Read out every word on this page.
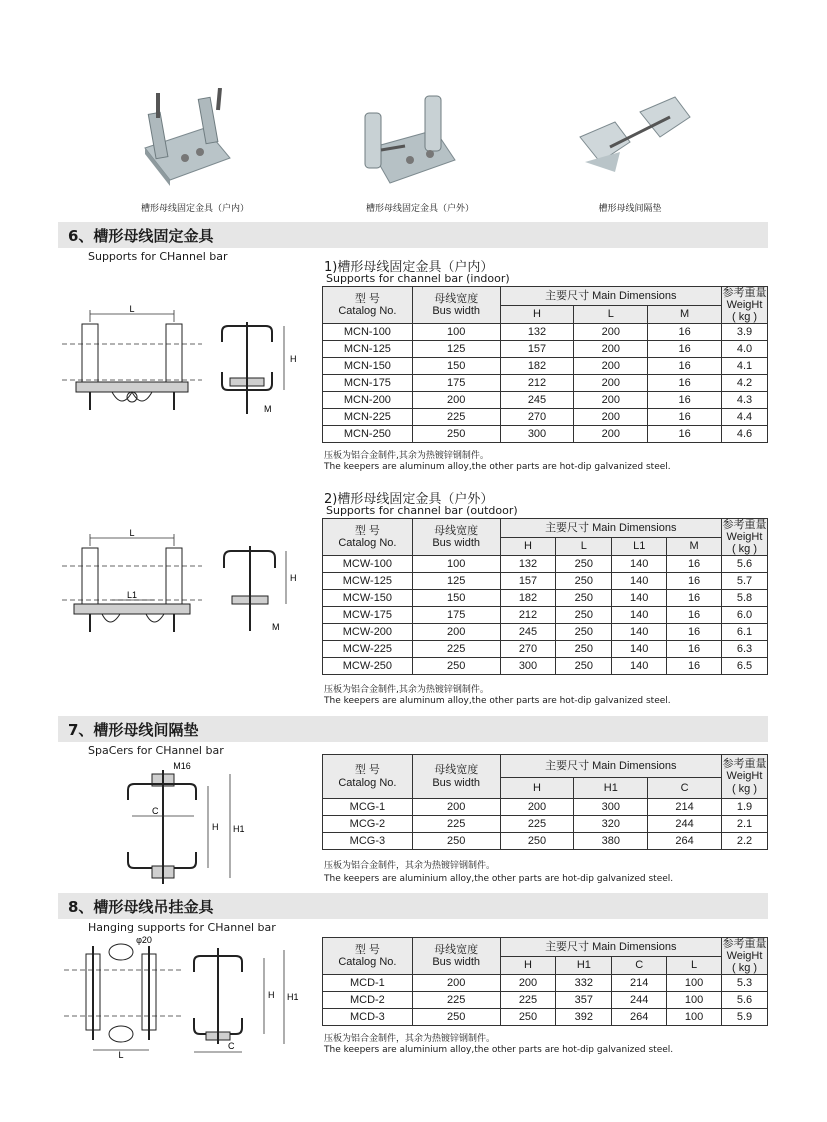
槽形母线固定金具（户内）	槽形母线固定金具（户外）	槽形母线间隔垫
6、槽形母线固定金具
Supports for CHannel bar
L
H
M
1)槽形母线固定金具（户内）
Supports for channel bar (indoor)
型 号
Catalog No.	母线宽度
Bus width	主要尺寸 Main Dimensions			参考重量
WeigHt
( kg )

		H	L	M	
MCN-100	100	132	200	16	3.9
MCN-125	125	157	200	16	4.0
MCN-150	150	182	200	16	4.1
MCN-175	175	212	200	16	4.2
MCN-200	200	245	200	16	4.3
MCN-225	225	270	200	16	4.4
MCN-250	250	300	200	16	4.6
压板为铝合金制件,其余为热镀锌钢制件。
The keepers are aluminum alloy,the other parts are hot-dip galvanized steel.
L
L1
H
M
2)槽形母线固定金具（户外）
Supports for channel bar (outdoor)
型 号
Catalog No.	母线宽度
Bus width	主要尺寸 Main Dimensions				参考重量
WeigHt
( kg )

		H	L	L1	M	
MCW-100	100	132	250	140	16	5.6
MCW-125	125	157	250	140	16	5.7
MCW-150	150	182	250	140	16	5.8
MCW-175	175	212	250	140	16	6.0
MCW-200	200	245	250	140	16	6.1
MCW-225	225	270	250	140	16	6.3
MCW-250	250	300	250	140	16	6.5
压板为铝合金制件,其余为热镀锌钢制件。
The keepers are aluminum alloy,the other parts are hot-dip galvanized steel.
7、槽形母线间隔垫
SpaCers for CHannel bar
M16
C
H H1
型 号
Catalog No.	母线宽度
Bus width	主要尺寸 Main Dimensions			参考重量
WeigHt
( kg )

		H	H1	C	
MCG-1	200	200	300	214	1.9
MCG-2	225	225	320	244	2.1
MCG-3	250	250	380	264	2.2
压板为铝合金制件，其余为热镀锌钢制件。
The keepers are aluminium alloy,the other parts are hot-dip galvanized steel.
8、槽形母线吊挂金具
Hanging supports for CHannel bar
φ20
L
H H1
C
型 号
Catalog No.	母线宽度
Bus width	主要尺寸 Main Dimensions				参考重量
WeigHt
( kg )

		H	H1	C	L	
MCD-1	200	200	332	214	100	5.3
MCD-2	225	225	357	244	100	5.6
MCD-3	250	250	392	264	100	5.9
压板为铝合金制件，其余为热镀锌钢制件。
The keepers are aluminium alloy,the other parts are hot-dip galvanized steel.
